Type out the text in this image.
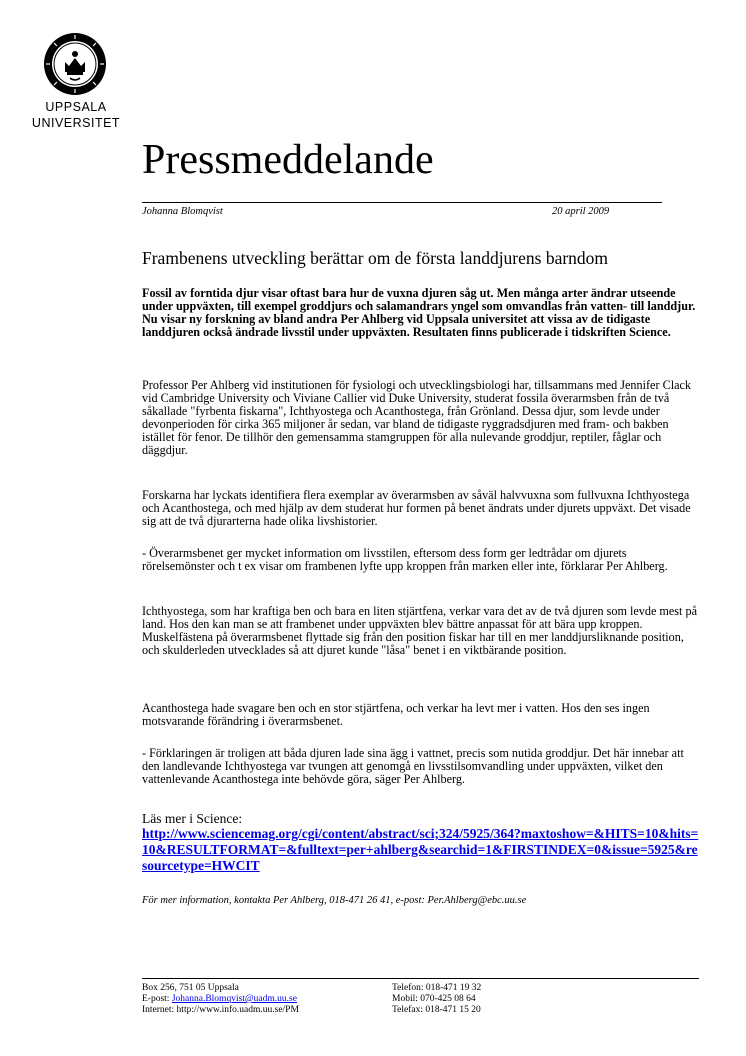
UPPSALA
UNIVERSITET
Pressmeddelande
Johanna Blomqvist	20 april 2009
Frambenens utveckling berättar om de första landdjurens barndom

Fossil av forntida djur visar oftast bara hur de vuxna djuren såg ut. Men många arter ändrar utseende under uppväxten, till exempel groddjurs och salamandrars yngel som omvandlas från vatten- till landdjur. Nu visar ny forskning av bland andra Per Ahlberg vid Uppsala universitet att vissa av de tidigaste landdjuren också ändrade livsstil under uppväxten. Resultaten finns publicerade i tidskriften Science.

Professor Per Ahlberg vid institutionen för fysiologi och utvecklingsbiologi har, tillsammans med Jennifer Clack vid Cambridge University och Viviane Callier vid Duke University, studerat fossila överarmsben från de två såkallade "fyrbenta fiskarna", Ichthyostega och Acanthostega, från Grönland. Dessa djur, som levde under devonperioden för cirka 365 miljoner år sedan, var bland de tidigaste ryggradsdjuren med fram- och bakben istället för fenor. De tillhör den gemensamma stamgruppen för alla nulevande groddjur, reptiler, fåglar och däggdjur.

Forskarna har lyckats identifiera flera exemplar av överarmsben av såväl halvvuxna som fullvuxna Ichthyostega och Acanthostega, och med hjälp av dem studerat hur formen på benet ändrats under djurets uppväxt. Det visade sig att de två djurarterna hade olika livshistorier.

- Överarmsbenet ger mycket information om livsstilen, eftersom dess form ger ledtrådar om djurets rörelsemönster och t ex visar om frambenen lyfte upp kroppen från marken eller inte, förklarar Per Ahlberg.

Ichthyostega, som har kraftiga ben och bara en liten stjärtfena, verkar vara det av de två djuren som levde mest på land. Hos den kan man se att frambenet under uppväxten blev bättre anpassat för att bära upp kroppen. Muskelfästena på överarmsbenet flyttade sig från den position fiskar har till en mer landdjursliknande position, och skulderleden utvecklades så att djuret kunde "låsa" benet i en viktbärande position.

Acanthostega hade svagare ben och en stor stjärtfena, och verkar ha levt mer i vatten. Hos den ses ingen motsvarande förändring i överarmsbenet.

- Förklaringen är troligen att båda djuren lade sina ägg i vattnet, precis som nutida groddjur. Det här innebar att den landlevande Ichthyostega var tvungen att genomgå en livsstilsomvandling under uppväxten, vilket den vattenlevande Acanthostega inte behövde göra, säger Per Ahlberg.

Läs mer i Science:
http://www.sciencemag.org/cgi/content/abstract/sci;324/5925/364?maxtoshow=&HITS=10&hits=10&RESULTFORMAT=&fulltext=per+ahlberg&searchid=1&FIRSTINDEX=0&issue=5925&resourcetype=HWCIT
För mer information, kontakta Per Ahlberg, 018-471 26 41, e-post: Per.Ahlberg@ebc.uu.se
Box 256, 751 05 Uppsala
E-post: Johanna.Blomqvist@uadm.uu.se
Internet: http://www.info.uadm.uu.se/PM
Telefon: 018-471 19 32
Mobil: 070-425 08 64
Telefax: 018-471 15 20
